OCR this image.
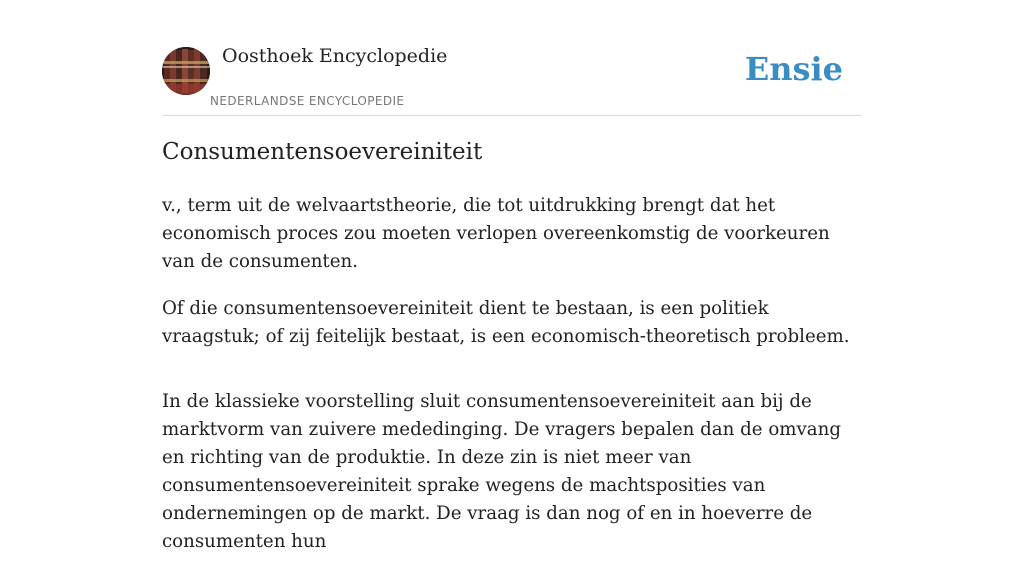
Oosthoek Encyclopedie
NEDERLANDSE ENCYCLOPEDIE
Ensie
Consumentensoevereiniteit

v., term uit de welvaartstheorie, die tot uitdrukking brengt dat het economisch proces zou moeten verlopen overeenkomstig de voorkeuren van de consumenten.

Of die consumentensoevereiniteit dient te bestaan, is een politiek vraagstuk; of zij feitelijk bestaat, is een economisch-theoretisch probleem.

In de klassieke voorstelling sluit consumentensoevereiniteit aan bij de marktvorm van zuivere mededinging. De vragers bepalen dan de omvang en richting van de produktie. In deze zin is niet meer van consumentensoevereiniteit sprake wegens de machtsposities van ondernemingen op de markt. De vraag is dan nog of en in hoeverre de consumenten hun
